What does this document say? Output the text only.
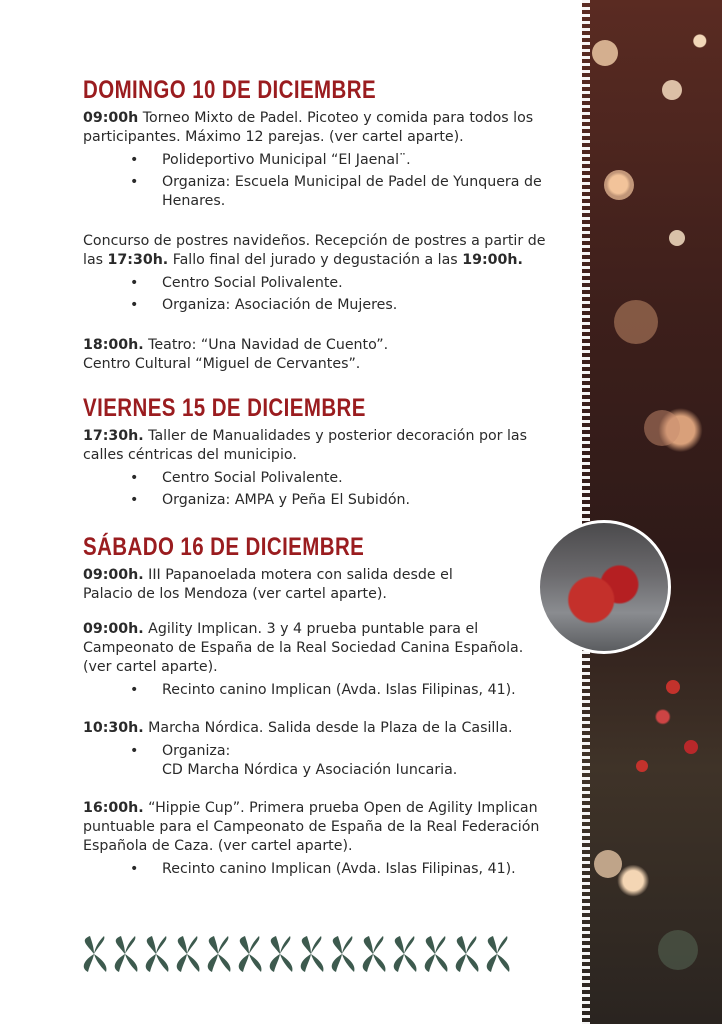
DOMINGO 10 DE DICIEMBRE

09:00h Torneo Mixto de Padel. Picoteo y comida para todos los participantes. Máximo 12 parejas. (ver cartel aparte).

• Polideportivo Municipal “El Jaenal¨.
• Organiza: Escuela Municipal de Padel de Yunquera de Henares.

Concurso de postres navideños. Recepción de postres a partir de las 17:30h. Fallo final del jurado y degustación a las 19:00h.

• Centro Social Polivalente.
• Organiza: Asociación de Mujeres.

18:00h. Teatro: “Una Navidad de Cuento”.
Centro Cultural “Miguel de Cervantes”.

VIERNES 15 DE DICIEMBRE

17:30h. Taller de Manualidades y posterior decoración por las calles céntricas del municipio.

• Centro Social Polivalente.
• Organiza: AMPA y Peña El Subidón.
SÁBADO 16 DE DICIEMBRE

09:00h. III Papanoelada motera con salida desde el Palacio de los Mendoza (ver cartel aparte).

09:00h. Agility Implican. 3 y 4 prueba puntable para el Campeonato de España de la Real Sociedad Canina Española. (ver cartel aparte).

• Recinto canino Implican (Avda. Islas Filipinas, 41).

10:30h. Marcha Nórdica. Salida desde la Plaza de la Casilla.

• Organiza:
CD Marcha Nórdica y Asociación Iuncaria.

16:00h. “Hippie Cup”. Primera prueba Open de Agility Implican puntuable para el Campeonato de España de la Real Federación Española de Caza. (ver cartel aparte).

• Recinto canino Implican (Avda. Islas Filipinas, 41).
